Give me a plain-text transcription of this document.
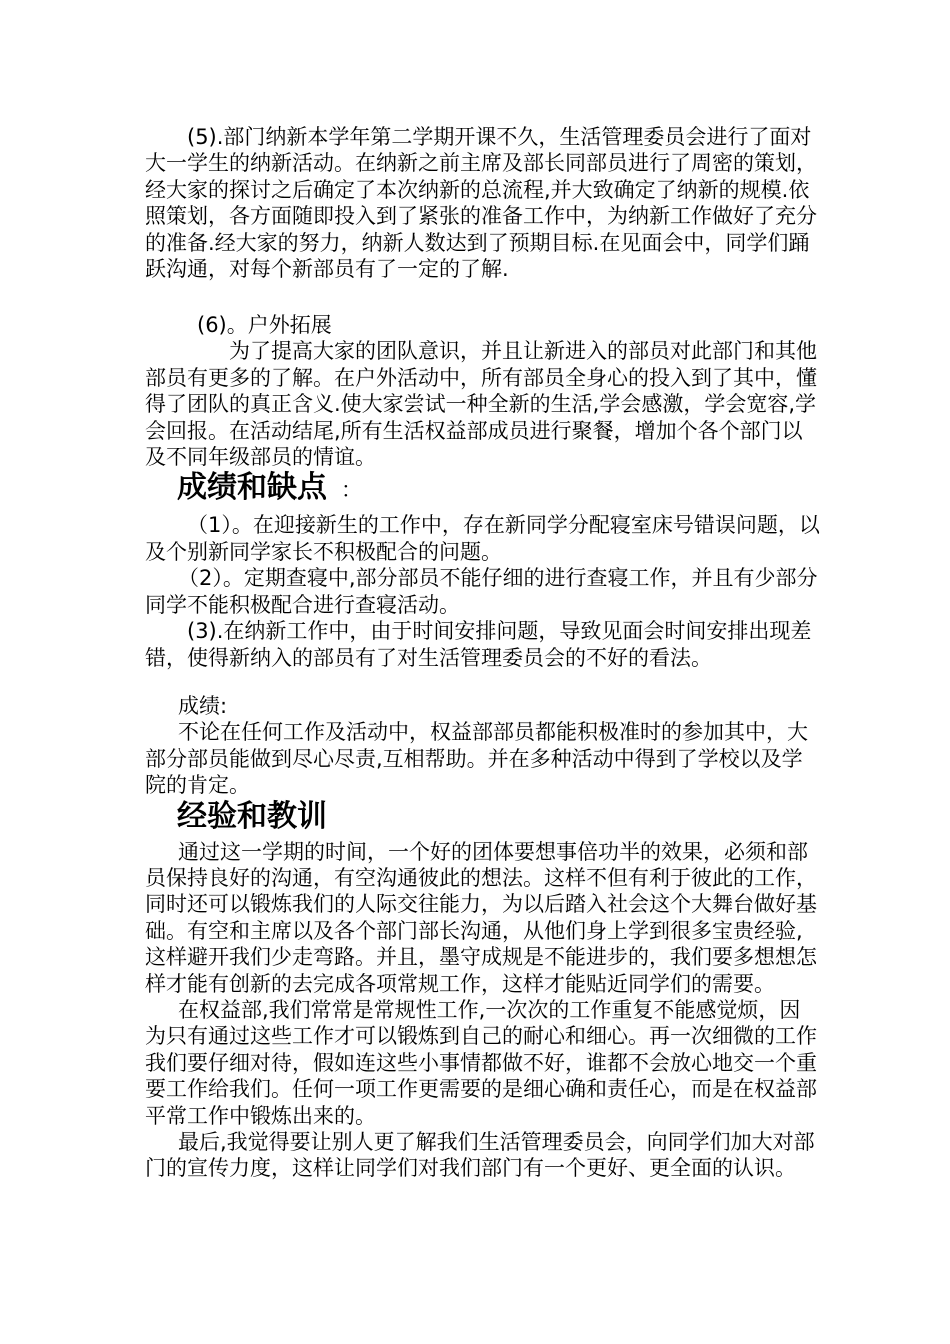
(5).部门纳新本学年第二学期开课不久，生活管理委员会进行了面对大一学生的纳新活动。在纳新之前主席及部长同部员进行了周密的策划，经大家的探讨之后确定了本次纳新的总流程,并大致确定了纳新的规模.依照策划，各方面随即投入到了紧张的准备工作中，为纳新工作做好了充分的准备.经大家的努力，纳新人数达到了预期目标.在见面会中，同学们踊跃沟通，对每个新部员有了一定的了解.

(6)。户外拓展

为了提高大家的团队意识，并且让新进入的部员对此部门和其他部员有更多的了解。在户外活动中，所有部员全身心的投入到了其中，懂得了团队的真正含义.使大家尝试一种全新的生活,学会感激，学会宽容,学会回报。在活动结尾,所有生活权益部成员进行聚餐，增加个各个部门以及不同年级部员的情谊。

成绩和缺点 ：

（1）。在迎接新生的工作中，存在新同学分配寝室床号错误问题，以及个别新同学家长不积极配合的问题。

（2）。定期查寝中,部分部员不能仔细的进行查寝工作，并且有少部分同学不能积极配合进行查寝活动。

(3).在纳新工作中，由于时间安排问题，导致见面会时间安排出现差错，使得新纳入的部员有了对生活管理委员会的不好的看法。

成绩:

不论在任何工作及活动中，权益部部员都能积极准时的参加其中，大部分部员能做到尽心尽责,互相帮助。并在多种活动中得到了学校以及学院的肯定。

经验和教训

通过这一学期的时间，一个好的团体要想事倍功半的效果，必须和部员保持良好的沟通，有空沟通彼此的想法。这样不但有利于彼此的工作，同时还可以锻炼我们的人际交往能力，为以后踏入社会这个大舞台做好基础。有空和主席以及各个部门部长沟通，从他们身上学到很多宝贵经验,这样避开我们少走弯路。并且，墨守成规是不能进步的，我们要多想想怎样才能有创新的去完成各项常规工作，这样才能贴近同学们的需要。

在权益部,我们常常是常规性工作,一次次的工作重复不能感觉烦，因为只有通过这些工作才可以锻炼到自己的耐心和细心。再一次细微的工作我们要仔细对待，假如连这些小事情都做不好，谁都不会放心地交一个重要工作给我们。任何一项工作更需要的是细心确和责任心，而是在权益部平常工作中锻炼出来的。

最后,我觉得要让别人更了解我们生活管理委员会，向同学们加大对部门的宣传力度，这样让同学们对我们部门有一个更好、更全面的认识。
